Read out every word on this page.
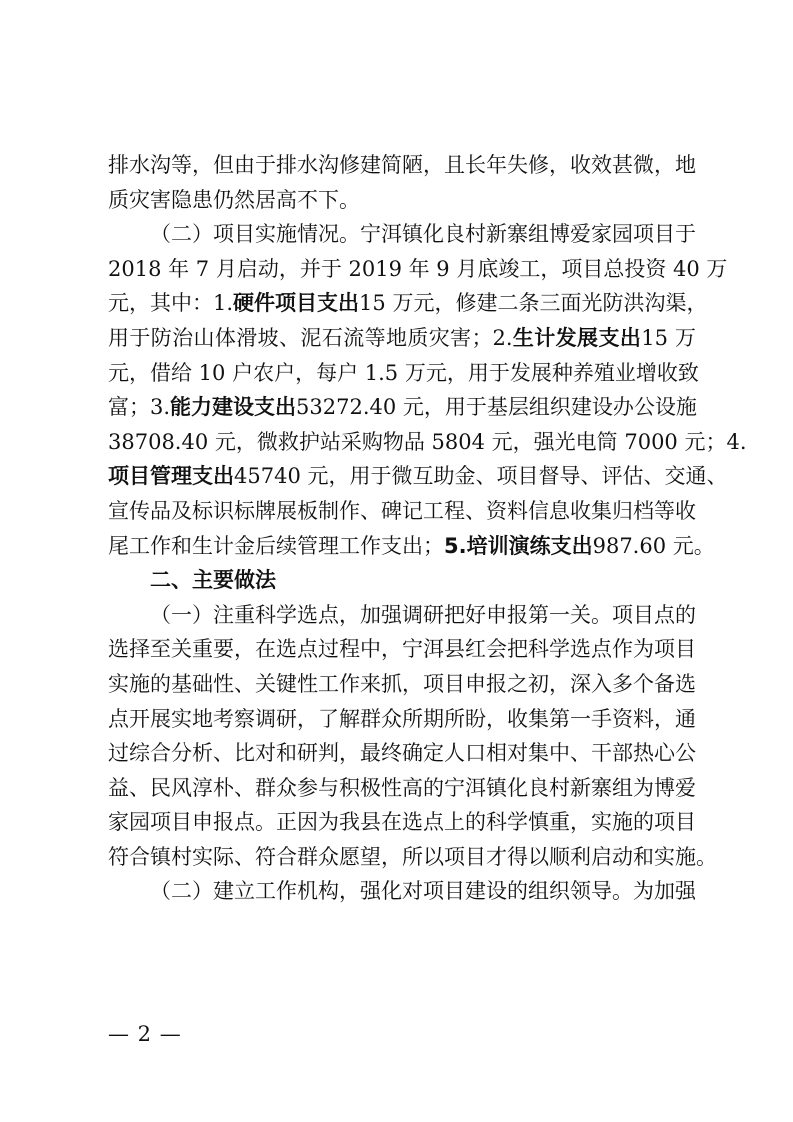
排水沟等，但由于排水沟修建简陋，且长年失修，收效甚微，地
质灾害隐患仍然居高不下。
（二）项目实施情况。宁洱镇化良村新寨组博爱家园项目于
2018 年 7 月启动，并于 2019 年 9 月底竣工，项目总投资 40 万
元，其中：1.硬件项目支出15 万元，修建二条三面光防洪沟渠，
用于防治山体滑坡、泥石流等地质灾害；2.生计发展支出15 万
元，借给 10 户农户，每户 1.5 万元，用于发展种养殖业增收致
富；3.能力建设支出53272.40 元，用于基层组织建设办公设施
38708.40 元，微救护站采购物品 5804 元，强光电筒 7000 元；4.
项目管理支出45740 元，用于微互助金、项目督导、评估、交通、
宣传品及标识标牌展板制作、碑记工程、资料信息收集归档等收
尾工作和生计金后续管理工作支出；5.培训演练支出987.60 元。
二、主要做法
（一）注重科学选点，加强调研把好申报第一关。项目点的
选择至关重要，在选点过程中，宁洱县红会把科学选点作为项目
实施的基础性、关键性工作来抓，项目申报之初，深入多个备选
点开展实地考察调研，了解群众所期所盼，收集第一手资料，通
过综合分析、比对和研判，最终确定人口相对集中、干部热心公
益、民风淳朴、群众参与积极性高的宁洱镇化良村新寨组为博爱
家园项目申报点。正因为我县在选点上的科学慎重，实施的项目
符合镇村实际、符合群众愿望，所以项目才得以顺利启动和实施。
（二）建立工作机构，强化对项目建设的组织领导。为加强
— 2 —
